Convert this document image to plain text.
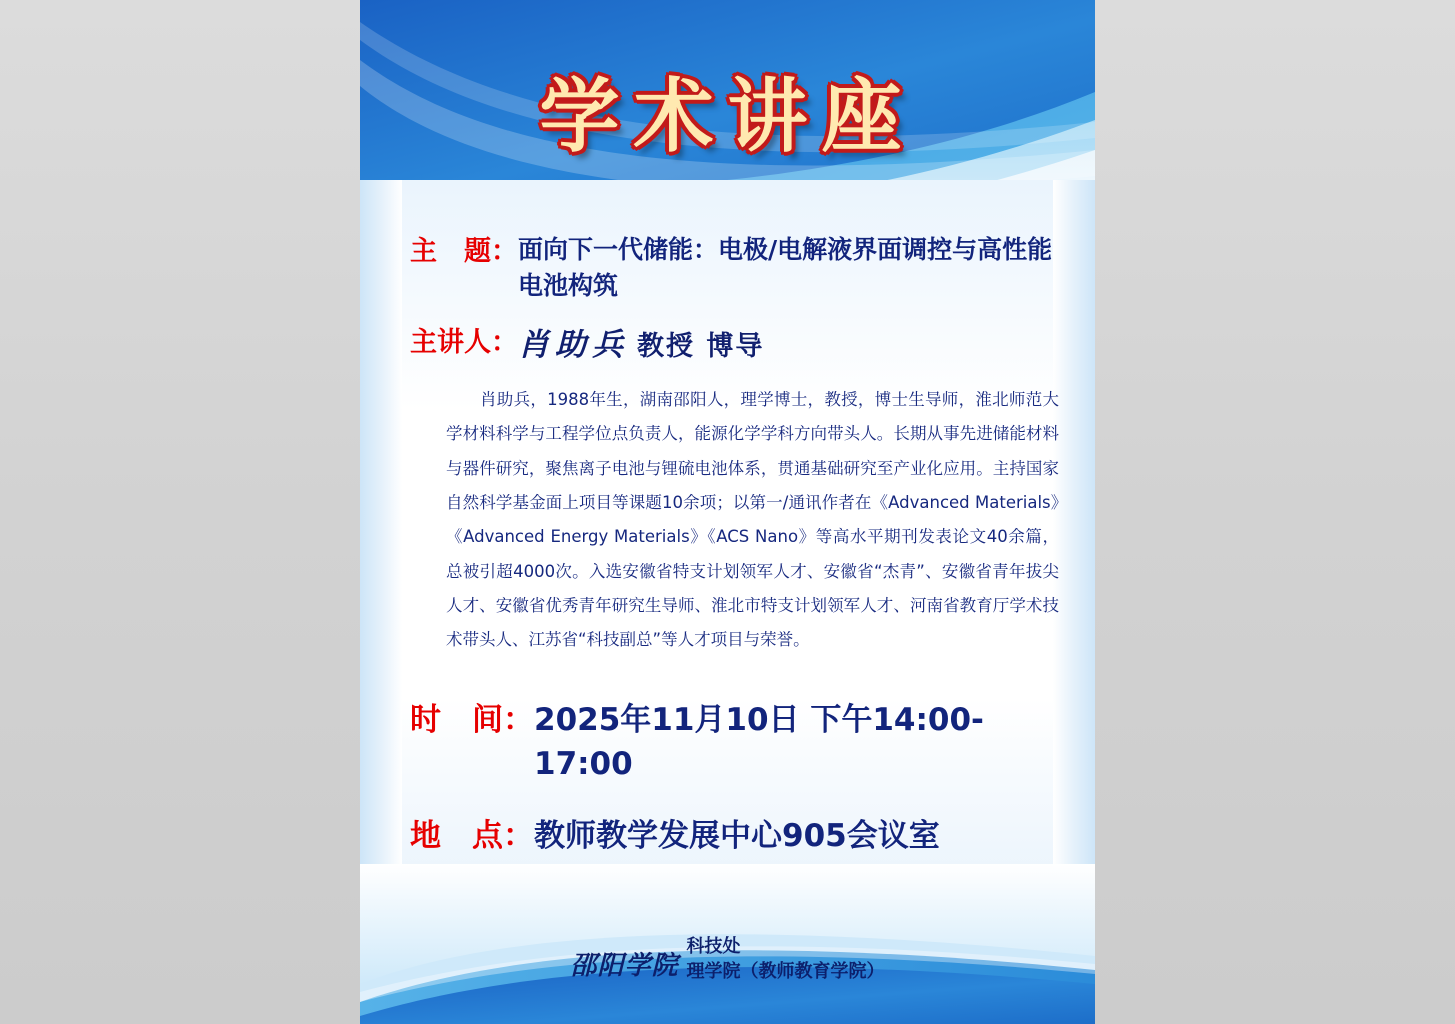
学术讲座
主　题： 面向下一代储能：电极/电解液界面调控与高性能电池构筑
主讲人： 肖助兵 教授 博导
肖助兵，1988年生，湖南邵阳人，理学博士，教授，博士生导师，淮北师范大学材料科学与工程学位点负责人，能源化学学科方向带头人。长期从事先进储能材料与器件研究，聚焦离子电池与锂硫电池体系，贯通基础研究至产业化应用。主持国家自然科学基金面上项目等课题10余项；以第一/通讯作者在《Advanced Materials》《Advanced Energy Materials》《ACS Nano》等高水平期刊发表论文40余篇，总被引超4000次。入选安徽省特支计划领军人才、安徽省“杰青”、安徽省青年拔尖人才、安徽省优秀青年研究生导师、淮北市特支计划领军人才、河南省教育厅学术技术带头人、江苏省“科技副总”等人才项目与荣誉。
时　间： 2025年11月10日 下午14:00-17:00
地　点： 教师教学发展中心905会议室
邵阳学院
科技处
理学院（教师教育学院）
